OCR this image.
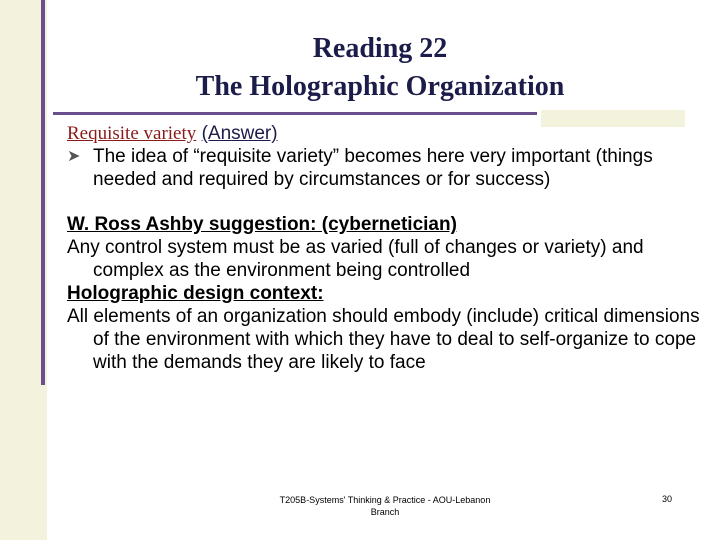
Reading 22
The Holographic Organization
Requisite variety (Answer)
➤ The idea of “requisite variety” becomes here very important (things needed and required by circumstances or for success)
W. Ross Ashby suggestion: (cybernetician)
Any control system must be as varied (full of changes or variety) and complex as the environment being controlled
Holographic design context:
All elements of an organization should embody (include) critical dimensions of the environment with which they have to deal to self-organize to cope with the demands they are likely to face
T205B-Systems' Thinking & Practice - AOU-Lebanon Branch
30
